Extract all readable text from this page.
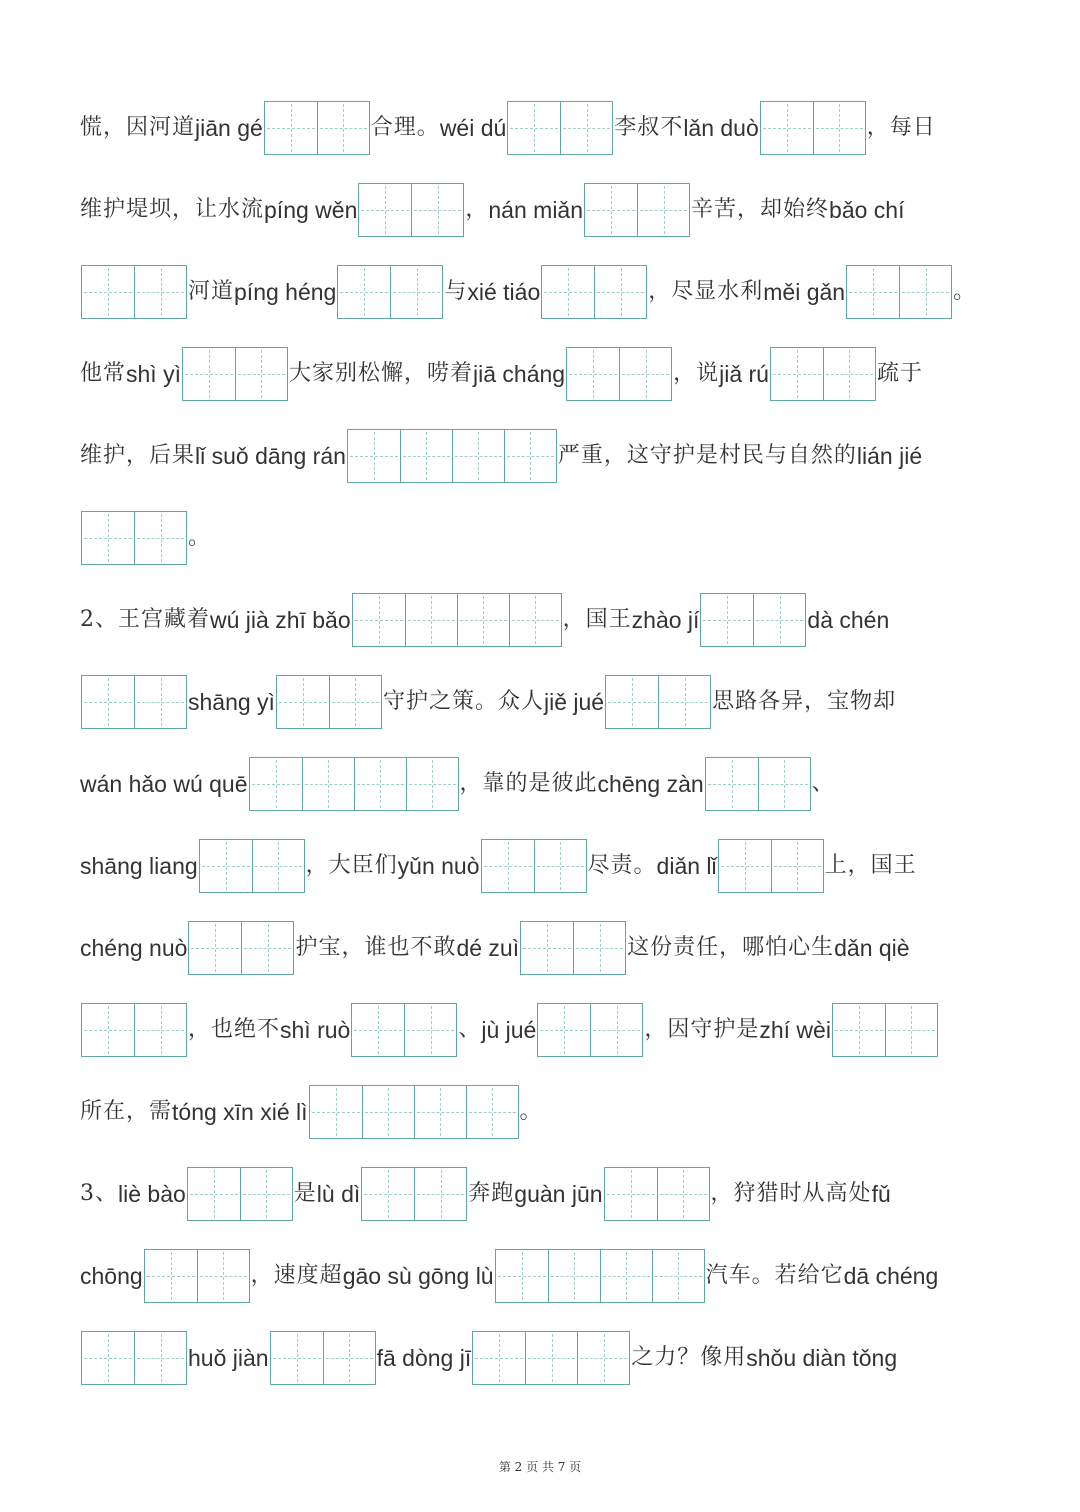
慌，因河道 jiān gé	合理。 wéi dú	李叔不 lǎn duò	，每日
维护堤坝，让水流 píng wěn	， nán miǎn	辛苦，却始终 bǎo chí
河道 píng héng	与 xié tiáo	，尽显水利 měi gǎn	。
他常 shì yì	大家别松懈，唠着 jiā cháng	，说 jiǎ rú	疏于
维护，后果 lǐ suǒ dāng rán	严重，这守护是村民与自然的 lián jié
。
2、王宫藏着 wú jià zhī bǎo	，国王 zhào jí	dà chén
shāng yì	守护之策。众人 jiě jué	思路各异，宝物却
wán hǎo wú quē	，靠的是彼此 chēng zàn	、
shāng liang	，大臣们 yǔn nuò	尽责。 diǎn lǐ	上，国王
chéng nuò	护宝，谁也不敢 dé zuì	这份责任，哪怕心生 dǎn qiè
，也绝不 shì ruò	、 jù jué	，因守护是 zhí wèi
所在，需 tóng xīn xié lì	。
3、 liè bào	是 lù dì	奔跑 guàn jūn	，狩猎时从高处 fǔ
chōng	，速度超 gāo sù gōng lù	汽车。若给它 dā chéng
huǒ jiàn	fā dòng jī	之力？像用 shǒu diàn tǒng
第 2 页 共 7 页
